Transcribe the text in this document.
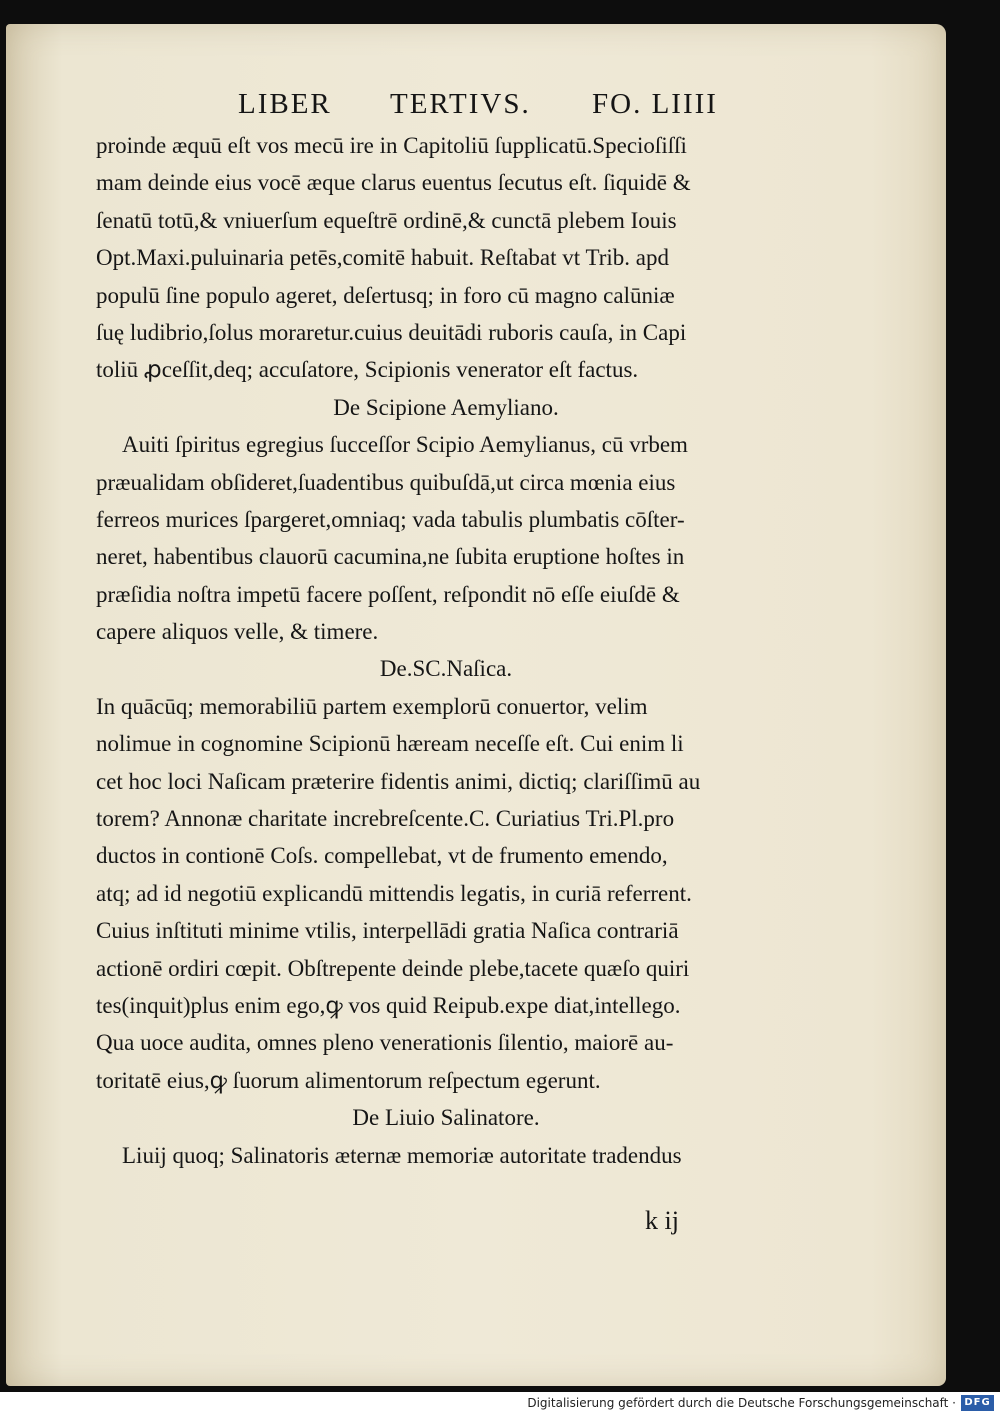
LIBER TERTIVS. FO. LIIII
proinde æquū eſt vos mecū ire in Capitoliū ſupplicatū.Specioſiſſi
mam deinde eius vocē æque clarus euentus ſecutus eſt. ſiquidē &
ſenatū totū,& vniuerſum equeſtrē ordinē,& cunctā plebem Iouis
Opt.Maxi.puluinaria petēs,comitē habuit. Reſtabat vt Trib. apd
populū ſine populo ageret, deſertusq; in foro cū magno calūniæ
ſuę ludibrio,ſolus moraretur.cuius deuitādi ruboris cauſa, in Capi
toliū ꝓceſſit,deq; accuſatore, Scipionis venerator eſt factus.
De Scipione Aemyliano.
Auiti ſpiritus egregius ſucceſſor Scipio Aemylianus, cū vrbem
præualidam obſideret,ſuadentibus quibuſdā,ut circa mœnia eius
ferreos murices ſpargeret,omniaq; vada tabulis plumbatis cōſter-
neret, habentibus clauorū cacumina,ne ſubita eruptione hoſtes in
præſidia noſtra impetū facere poſſent, reſpondit nō eſſe eiuſdē &
capere aliquos velle, & timere.
De.SC.Naſica.
In quācūq; memorabiliū partem exemplorū conuertor, velim
nolimue in cognomine Scipionū hæream neceſſe eſt. Cui enim li
cet hoc loci Naſicam præterire fidentis animi, dictiq; clariſſimū au
torem? Annonæ charitate increbreſcente.C. Curiatius Tri.Pl.pro
ductos in contionē Coſs. compellebat, vt de frumento emendo,
atq; ad id negotiū explicandū mittendis legatis, in curiā referrent.
Cuius inſtituti minime vtilis, interpellādi gratia Naſica contrariā
actionē ordiri cœpit. Obſtrepente deinde plebe,tacete quæſo quiri
tes(inquit)plus enim ego,ꝙ vos quid Reipub.expe diat,intellego.
Qua uoce audita, omnes pleno venerationis ſilentio, maiorē au-
toritatē eius,ꝙ ſuorum alimentorum reſpectum egerunt.
De Liuio Salinatore.
Liuij quoq; Salinatoris æternæ memoriæ autoritate tradendus
k ij
Digitalisierung gefördert durch die Deutsche Forschungsgemeinschaft · DFG
